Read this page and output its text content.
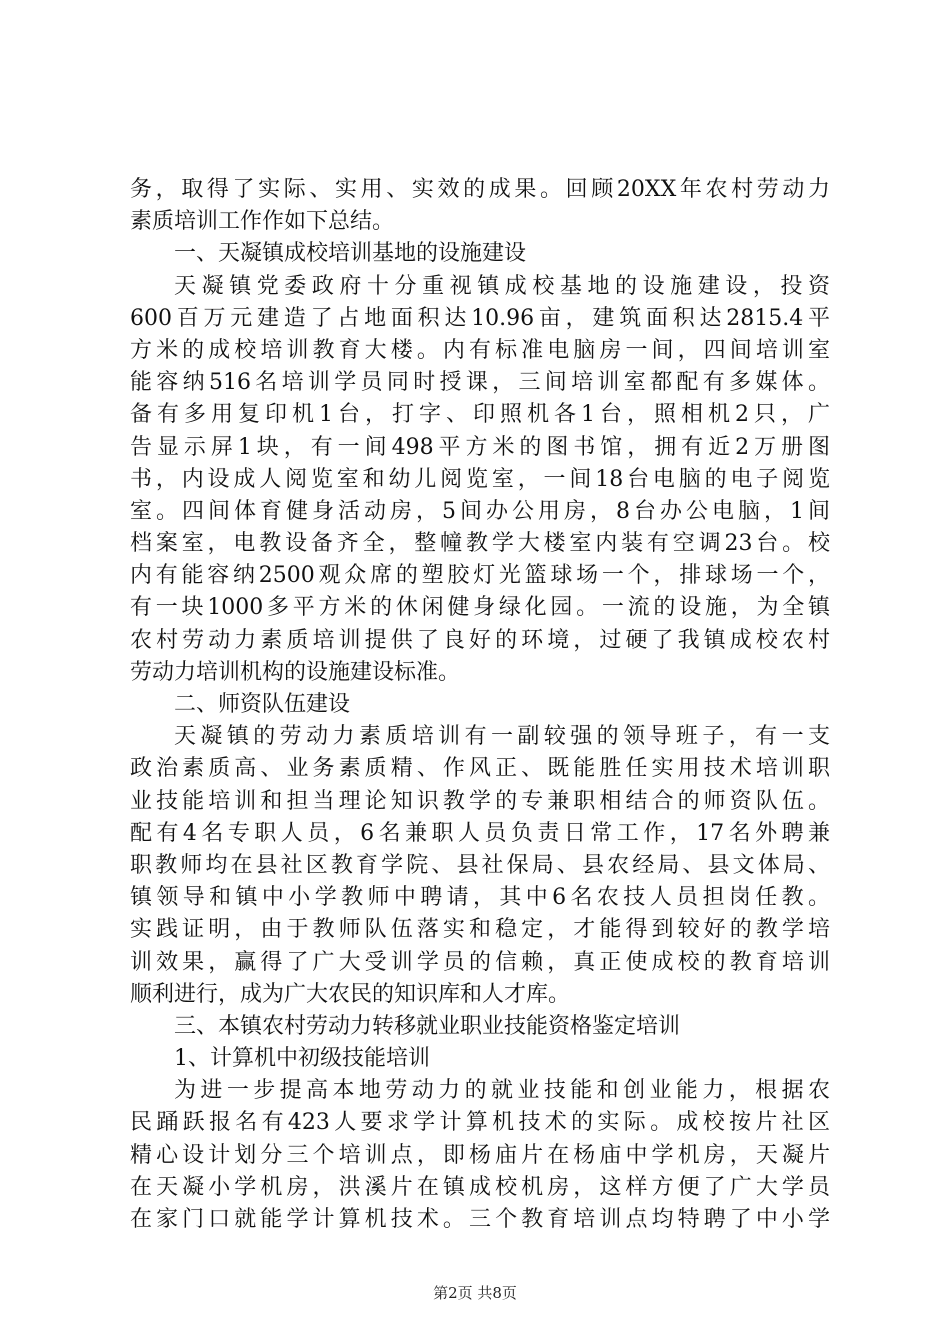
务，取得了实际、实用、实效的成果。回顾20XX年农村劳动力
素质培训工作作如下总结。
一、天凝镇成校培训基地的设施建设
天凝镇党委政府十分重视镇成校基地的设施建设，投资
600百万元建造了占地面积达10.96亩，建筑面积达2815.4平
方米的成校培训教育大楼。内有标准电脑房一间，四间培训室
能容纳516名培训学员同时授课，三间培训室都配有多媒体。
备有多用复印机1台，打字、印照机各1台，照相机2只，广
告显示屏1块，有一间498平方米的图书馆，拥有近2万册图
书，内设成人阅览室和幼儿阅览室，一间18台电脑的电子阅览
室。四间体育健身活动房，5间办公用房，8台办公电脑，1间
档案室，电教设备齐全，整幢教学大楼室内装有空调23台。校
内有能容纳2500观众席的塑胶灯光篮球场一个，排球场一个，
有一块1000多平方米的休闲健身绿化园。一流的设施，为全镇
农村劳动力素质培训提供了良好的环境，过硬了我镇成校农村
劳动力培训机构的设施建设标准。
二、师资队伍建设
天凝镇的劳动力素质培训有一副较强的领导班子，有一支
政治素质高、业务素质精、作风正、既能胜任实用技术培训职
业技能培训和担当理论知识教学的专兼职相结合的师资队伍。
配有4名专职人员，6名兼职人员负责日常工作，17名外聘兼
职教师均在县社区教育学院、县社保局、县农经局、县文体局、
镇领导和镇中小学教师中聘请，其中6名农技人员担岗任教。
实践证明，由于教师队伍落实和稳定，才能得到较好的教学培
训效果，赢得了广大受训学员的信赖，真正使成校的教育培训
顺利进行，成为广大农民的知识库和人才库。
三、本镇农村劳动力转移就业职业技能资格鉴定培训
1、计算机中初级技能培训
为进一步提高本地劳动力的就业技能和创业能力，根据农
民踊跃报名有423人要求学计算机技术的实际。成校按片社区
精心设计划分三个培训点，即杨庙片在杨庙中学机房，天凝片
在天凝小学机房，洪溪片在镇成校机房，这样方便了广大学员
在家门口就能学计算机技术。三个教育培训点均特聘了中小学
第2页 共8页
